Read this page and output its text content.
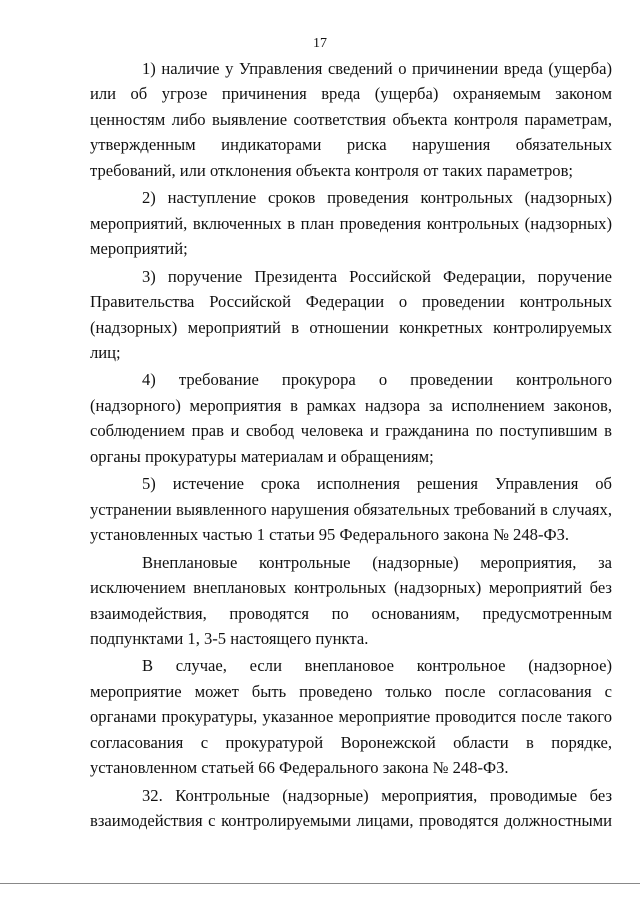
17

1) наличие у Управления сведений о причинении вреда (ущерба) или об угрозе причинения вреда (ущерба) охраняемым законом ценностям либо выявление соответствия объекта контроля параметрам, утвержденным индикаторами риска нарушения обязательных требований, или отклонения объекта контроля от таких параметров;

2) наступление сроков проведения контрольных (надзорных) мероприятий, включенных в план проведения контрольных (надзорных) мероприятий;

3) поручение Президента Российской Федерации, поручение Правительства Российской Федерации о проведении контрольных (надзорных) мероприятий в отношении конкретных контролируемых лиц;

4) требование прокурора о проведении контрольного (надзорного) мероприятия в рамках надзора за исполнением законов, соблюдением прав и свобод человека и гражданина по поступившим в органы прокуратуры материалам и обращениям;

5) истечение срока исполнения решения Управления об устранении выявленного нарушения обязательных требований в случаях, установленных частью 1 статьи 95 Федерального закона № 248-ФЗ.

Внеплановые контрольные (надзорные) мероприятия, за исключением внеплановых контрольных (надзорных) мероприятий без взаимодействия, проводятся по основаниям, предусмотренным подпунктами 1, 3-5 настоящего пункта.

В случае, если внеплановое контрольное (надзорное) мероприятие может быть проведено только после согласования с органами прокуратуры, указанное мероприятие проводится после такого согласования с прокуратурой Воронежской области в порядке, установленном статьей 66 Федерального закона № 248-ФЗ.

32. Контрольные (надзорные) мероприятия, проводимые без взаимодействия с контролируемыми лицами, проводятся должностными
